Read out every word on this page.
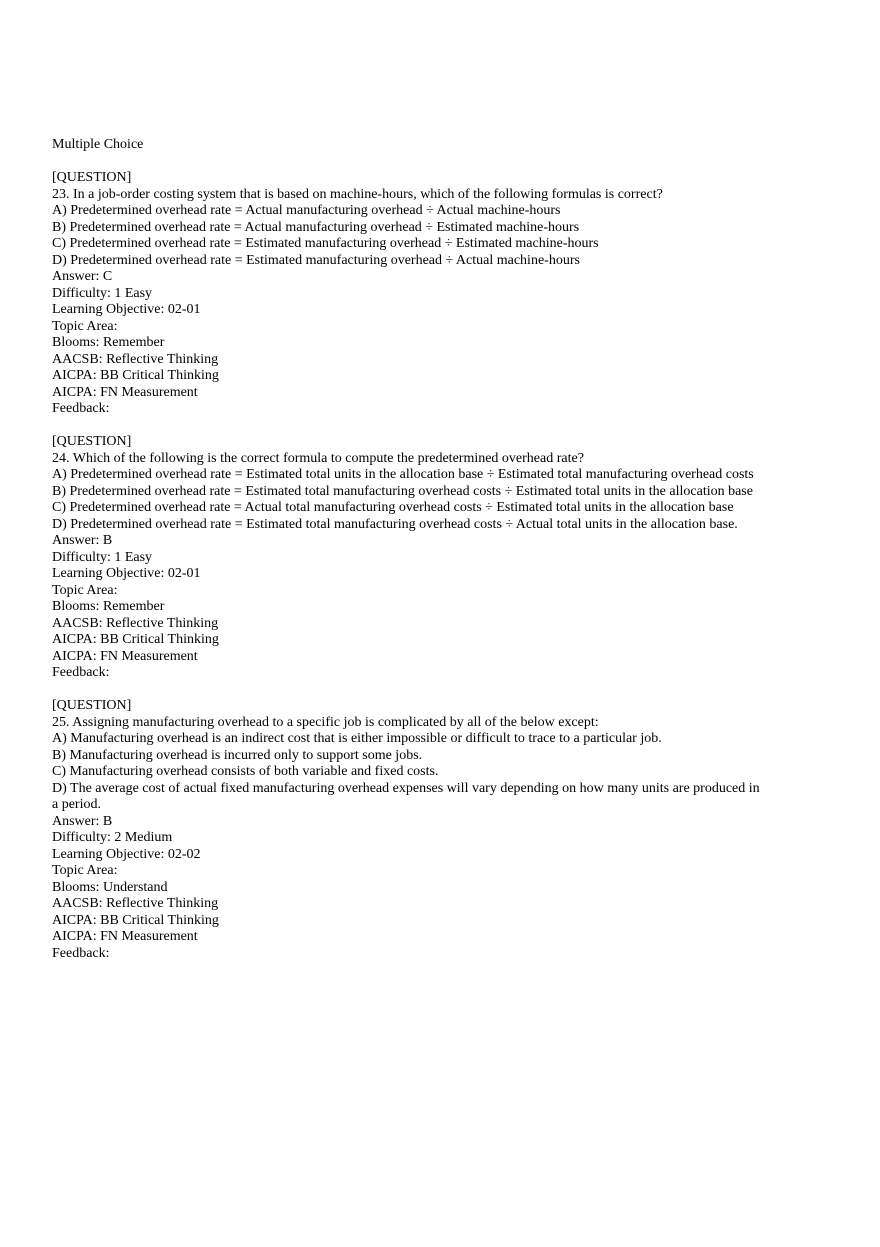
Multiple Choice
[QUESTION]
23. In a job-order costing system that is based on machine-hours, which of the following formulas is correct?
A) Predetermined overhead rate = Actual manufacturing overhead ÷ Actual machine-hours
B) Predetermined overhead rate = Actual manufacturing overhead ÷ Estimated machine-hours
C) Predetermined overhead rate = Estimated manufacturing overhead ÷ Estimated machine-hours
D) Predetermined overhead rate = Estimated manufacturing overhead ÷ Actual machine-hours
Answer: C
Difficulty: 1 Easy
Learning Objective: 02-01
Topic Area:
Blooms: Remember
AACSB: Reflective Thinking
AICPA: BB Critical Thinking
AICPA: FN Measurement
Feedback:
[QUESTION]
24. Which of the following is the correct formula to compute the predetermined overhead rate?
A) Predetermined overhead rate = Estimated total units in the allocation base ÷ Estimated total manufacturing overhead costs
B) Predetermined overhead rate = Estimated total manufacturing overhead costs ÷ Estimated total units in the allocation base
C) Predetermined overhead rate = Actual total manufacturing overhead costs ÷ Estimated total units in the allocation base
D) Predetermined overhead rate = Estimated total manufacturing overhead costs ÷ Actual total units in the allocation base.
Answer: B
Difficulty: 1 Easy
Learning Objective: 02-01
Topic Area:
Blooms: Remember
AACSB: Reflective Thinking
AICPA: BB Critical Thinking
AICPA: FN Measurement
Feedback:
[QUESTION]
25. Assigning manufacturing overhead to a specific job is complicated by all of the below except:
A) Manufacturing overhead is an indirect cost that is either impossible or difficult to trace to a particular job.
B) Manufacturing overhead is incurred only to support some jobs.
C) Manufacturing overhead consists of both variable and fixed costs.
D) The average cost of actual fixed manufacturing overhead expenses will vary depending on how many units are produced in a period.
Answer: B
Difficulty: 2 Medium
Learning Objective: 02-02
Topic Area:
Blooms: Understand
AACSB: Reflective Thinking
AICPA: BB Critical Thinking
AICPA: FN Measurement
Feedback:
